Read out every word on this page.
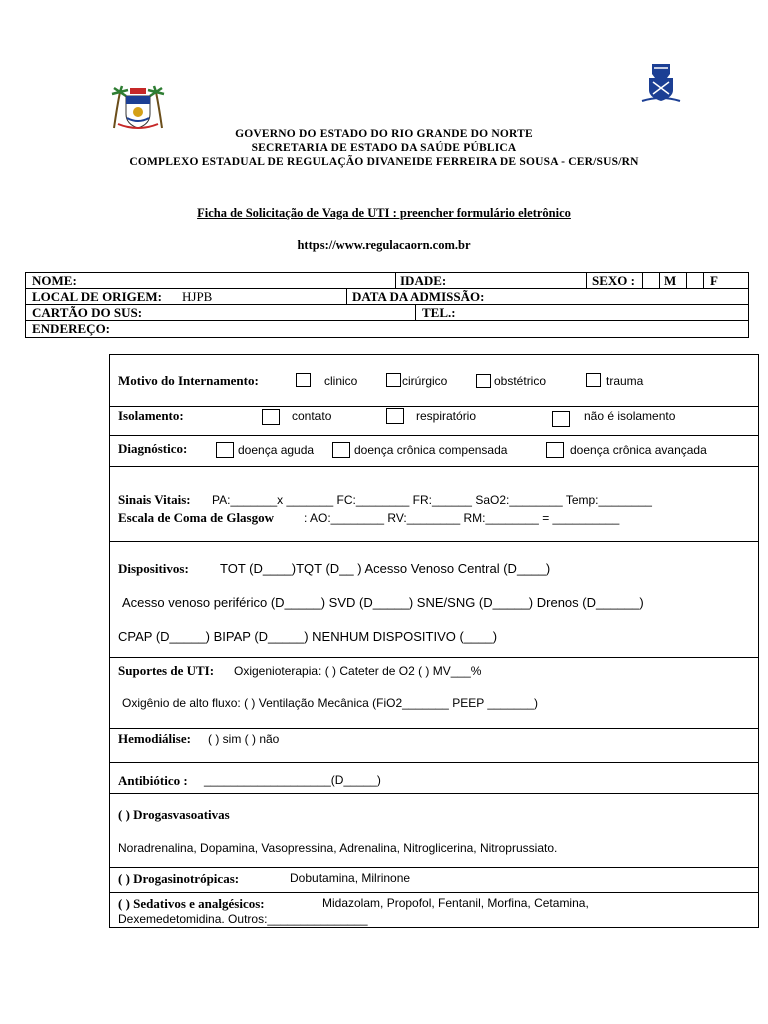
GOVERNO DO ESTADO DO RIO GRANDE DO NORTE
SECRETARIA DE ESTADO DA SAÚDE PÚBLICA
COMPLEXO ESTADUAL DE REGULAÇÃO DIVANEIDE FERREIRA DE SOUSA - CER/SUS/RN
Ficha de Solicitação de Vaga de UTI : preencher formulário eletrônico
https://www.regulacaorn.com.br
NOME:	IDADE:	SEXO : M	F
LOCAL DE ORIGEM: HJPB	DATA DA ADMISSÃO:
CARTÃO DO SUS:	TEL.:
ENDEREÇO:
Motivo do Internamento:	clinico	cirúrgico	obstétrico	trauma
Isolamento:	contato	respiratório	não é isolamento
Diagnóstico:	doença aguda	doença crônica compensada	doença crônica avançada
Sinais Vitais: PA:_______x _______ FC:________ FR:______ SaO2:________ Temp:________
Escala de Coma de Glasgow	: AO:________ RV:________ RM:________ = __________
Dispositivos: TOT (D____)TQT (D__ ) Acesso Venoso Central (D____)
Acesso venoso periférico (D_____) SVD (D_____) SNE/SNG (D_____) Drenos (D______)
CPAP (D_____) BIPAP (D_____) NENHUM DISPOSITIVO (____)
Suportes de UTI: Oxigenioterapia: ( ) Cateter de O2 ( ) MV___%
Oxigênio de alto fluxo: ( ) Ventilação Mecânica (FiO2_______ PEEP _______)
Hemodiálise: ( ) sim ( ) não
Antibiótico : ___________________(D_____)
( ) Drogasvasoativas
Noradrenalina, Dopamina, Vasopressina, Adrenalina, Nitroglicerina, Nitroprussiato.
( ) Drogasinotrópicas:	Dobutamina, Milrinone
( ) Sedativos e analgésicos:	Midazolam, Propofol, Fentanil, Morfina, Cetamina,
Dexemedetomidina. Outros:_______________
